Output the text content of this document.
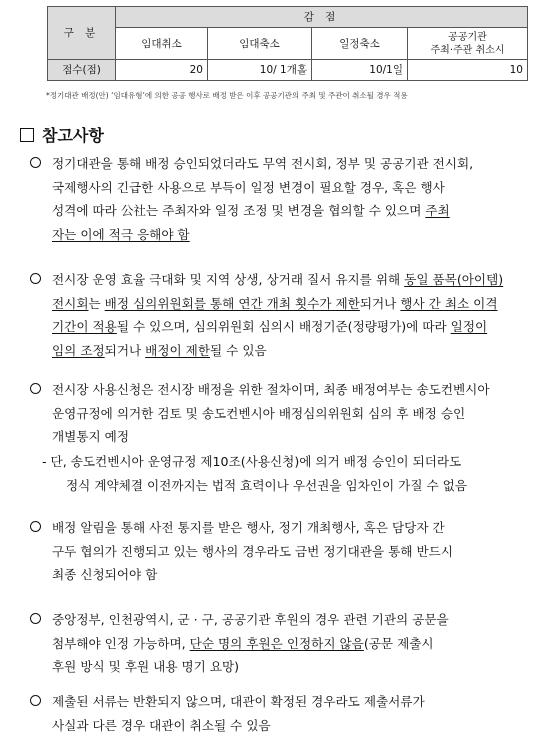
구 분	감 점			
	임대취소	임대축소	일정축소	공공기관
주최·주관 취소시
점수(점)	20	10/ 1개홀	10/1일	10
*정기대관 배정(안) ‘임대유형’에 의한 공공 행사로 배정 받은 이후 공공기관의 주최 및 주관이 취소될 경우 적용
참고사항
정기대관을 통해 배정 승인되었더라도 무역 전시회, 정부 및 공공기관 전시회,
국제행사의 긴급한 사용으로 부득이 일정 변경이 필요할 경우, 혹은 행사
성격에 따라 公社는 주최자와 일정 조정 및 변경을 협의할 수 있으며 주최
자는 이에 적극 응해야 함
전시장 운영 효율 극대화 및 지역 상생, 상거래 질서 유지를 위해 동일 품목(아이템)
전시회는 배정 심의위원회를 통해 연간 개최 횟수가 제한되거나 행사 간 최소 이격
기간이 적용될 수 있으며, 심의위원회 심의시 배정기준(정량평가)에 따라 일정이
임의 조정되거나 배정이 제한될 수 있음
전시장 사용신청은 전시장 배정을 위한 절차이며, 최종 배정여부는 송도컨벤시아
운영규정에 의거한 검토 및 송도컨벤시아 배정심의위원회 심의 후 배정 승인
개별통지 예정
- 단, 송도컨벤시아 운영규정 제10조(사용신청)에 의거 배정 승인이 되더라도
정식 계약체결 이전까지는 법적 효력이나 우선권을 임차인이 가질 수 없음
배정 알림을 통해 사전 통지를 받은 행사, 정기 개최행사, 혹은 담당자 간
구두 협의가 진행되고 있는 행사의 경우라도 금번 정기대관을 통해 반드시
최종 신청되어야 함
중앙정부, 인천광역시, 군 · 구, 공공기관 후원의 경우 관련 기관의 공문을
첨부해야 인정 가능하며, 단순 명의 후원은 인정하지 않음(공문 제출시
후원 방식 및 후원 내용 명기 요망)
제출된 서류는 반환되지 않으며, 대관이 확정된 경우라도 제출서류가
사실과 다른 경우 대관이 취소될 수 있음
